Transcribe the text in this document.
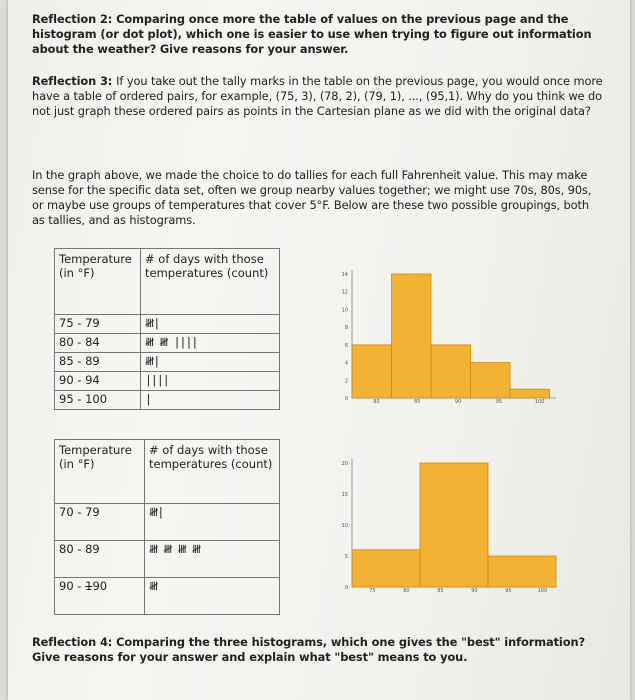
Reflection 2: Comparing once more the table of values on the previous page and the histogram (or dot plot), which one is easier to use when trying to figure out information about the weather? Give reasons for your answer.
Reflection 3: If you take out the tally marks in the table on the previous page, you would once more have a table of ordered pairs, for example, (75, 3), (78, 2), (79, 1), ..., (95,1). Why do you think we do not just graph these ordered pairs as points in the Cartesian plane as we did with the original data?
In the graph above, we made the choice to do tallies for each full Fahrenheit value. This may make sense for the specific data set, often we group nearby values together; we might use 70s, 80s, 90s, or maybe use groups of temperatures that cover 5°F. Below are these two possible groupings, both as tallies, and as histograms.
Temperature (in °F)	# of days with those temperatures (count)
75 - 79	𝍸|
80 - 84	𝍸 𝍸 ||||
85 - 89	𝍸|
90 - 94	||||
95 - 100	|	0
2
4
6
8
10
12
14
80	85	90	95	100
Temperature (in °F)	# of days with those temperatures (count)
70 - 79	𝍸|
80 - 89	𝍸 𝍸 𝍸 𝍸
90 - 190	𝍸	0
5
10
15
20
75	80	85	90	95	100
Reflection 4: Comparing the three histograms, which one gives the "best" information? Give reasons for your answer and explain what "best" means to you.
